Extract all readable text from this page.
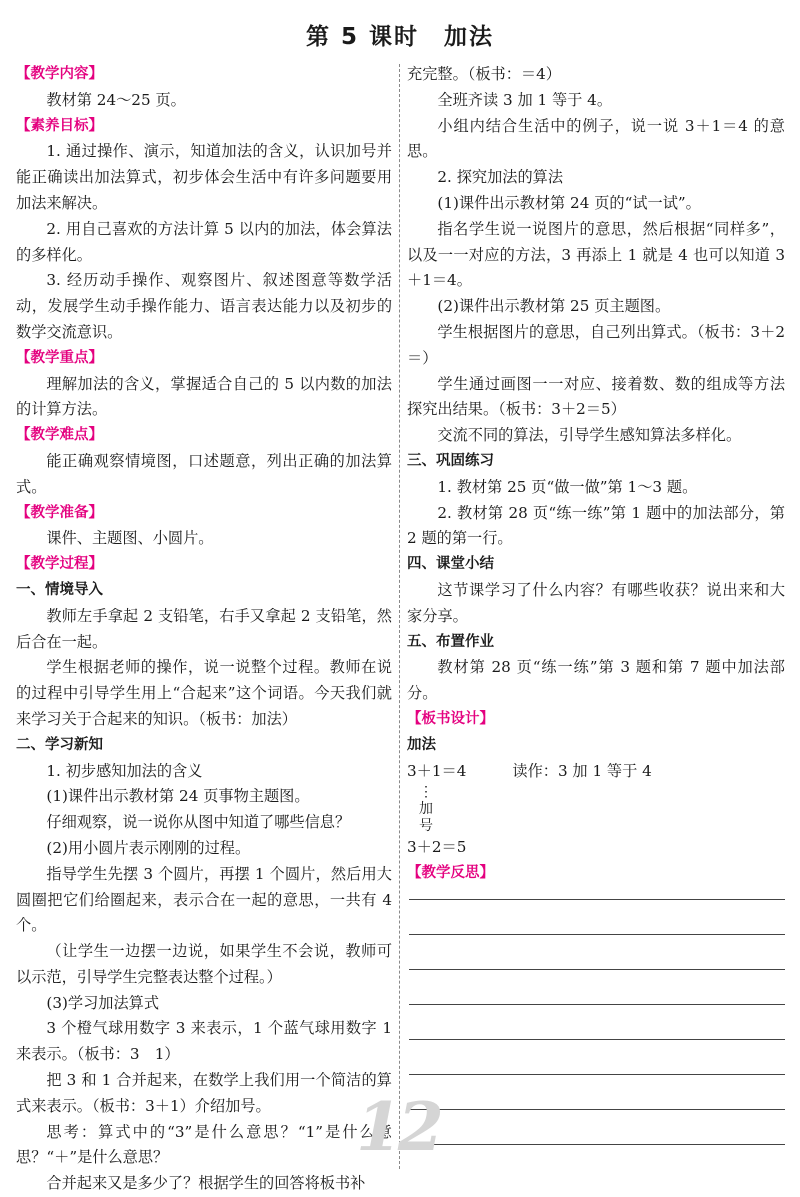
第 5 课时　加法

【教学内容】

教材第 24～25 页。

【素养目标】

1. 通过操作、演示，知道加法的含义，认识加号并能正确读出加法算式，初步体会生活中有许多问题要用加法来解决。

2. 用自己喜欢的方法计算 5 以内的加法，体会算法的多样化。

3. 经历动手操作、观察图片、叙述图意等数学活动，发展学生动手操作能力、语言表达能力以及初步的数学交流意识。

【教学重点】

理解加法的含义，掌握适合自己的 5 以内数的加法的计算方法。

【教学难点】

能正确观察情境图，口述题意，列出正确的加法算式。

【教学准备】

课件、主题图、小圆片。

【教学过程】

一、情境导入

教师左手拿起 2 支铅笔，右手又拿起 2 支铅笔，然后合在一起。

学生根据老师的操作，说一说整个过程。教师在说的过程中引导学生用上“合起来”这个词语。今天我们就来学习关于合起来的知识。（板书：加法）

二、学习新知

1. 初步感知加法的含义

(1)课件出示教材第 24 页事物主题图。

仔细观察，说一说你从图中知道了哪些信息？

(2)用小圆片表示刚刚的过程。

指导学生先摆 3 个圆片，再摆 1 个圆片，然后用大圆圈把它们给圈起来，表示合在一起的意思，一共有 4 个。

（让学生一边摆一边说，如果学生不会说，教师可以示范，引导学生完整表达整个过程。）

(3)学习加法算式

3 个橙气球用数字 3 来表示，1 个蓝气球用数字 1 来表示。（板书：3　1）

把 3 和 1 合并起来，在数学上我们用一个简洁的算式来表示。（板书：3＋1）介绍加号。

思考：算式中的“3”是什么意思？“1”是什么意思？“＋”是什么意思？

合并起来又是多少了？根据学生的回答将板书补

充完整。（板书：＝4）

全班齐读 3 加 1 等于 4。

小组内结合生活中的例子，说一说 3＋1＝4 的意思。

2. 探究加法的算法

(1)课件出示教材第 24 页的“试一试”。

指名学生说一说图片的意思，然后根据“同样多”，以及一一对应的方法，3 再添上 1 就是 4 也可以知道 3＋1＝4。

(2)课件出示教材第 25 页主题图。

学生根据图片的意思，自己列出算式。（板书：3＋2＝）

学生通过画图一一对应、接着数、数的组成等方法探究出结果。（板书：3＋2＝5）

交流不同的算法，引导学生感知算法多样化。

三、巩固练习

1. 教材第 25 页“做一做”第 1～3 题。

2. 教材第 28 页“练一练”第 1 题中的加法部分，第 2 题的第一行。

四、课堂小结

这节课学习了什么内容？有哪些收获？说出来和大家分享。

五、布置作业

教材第 28 页“练一练”第 3 题和第 7 题中加法部分。

【板书设计】

加法

3＋1＝4	读作：3 加 1 等于 4

⋮
加
号

3＋2＝5

【教学反思】

12
